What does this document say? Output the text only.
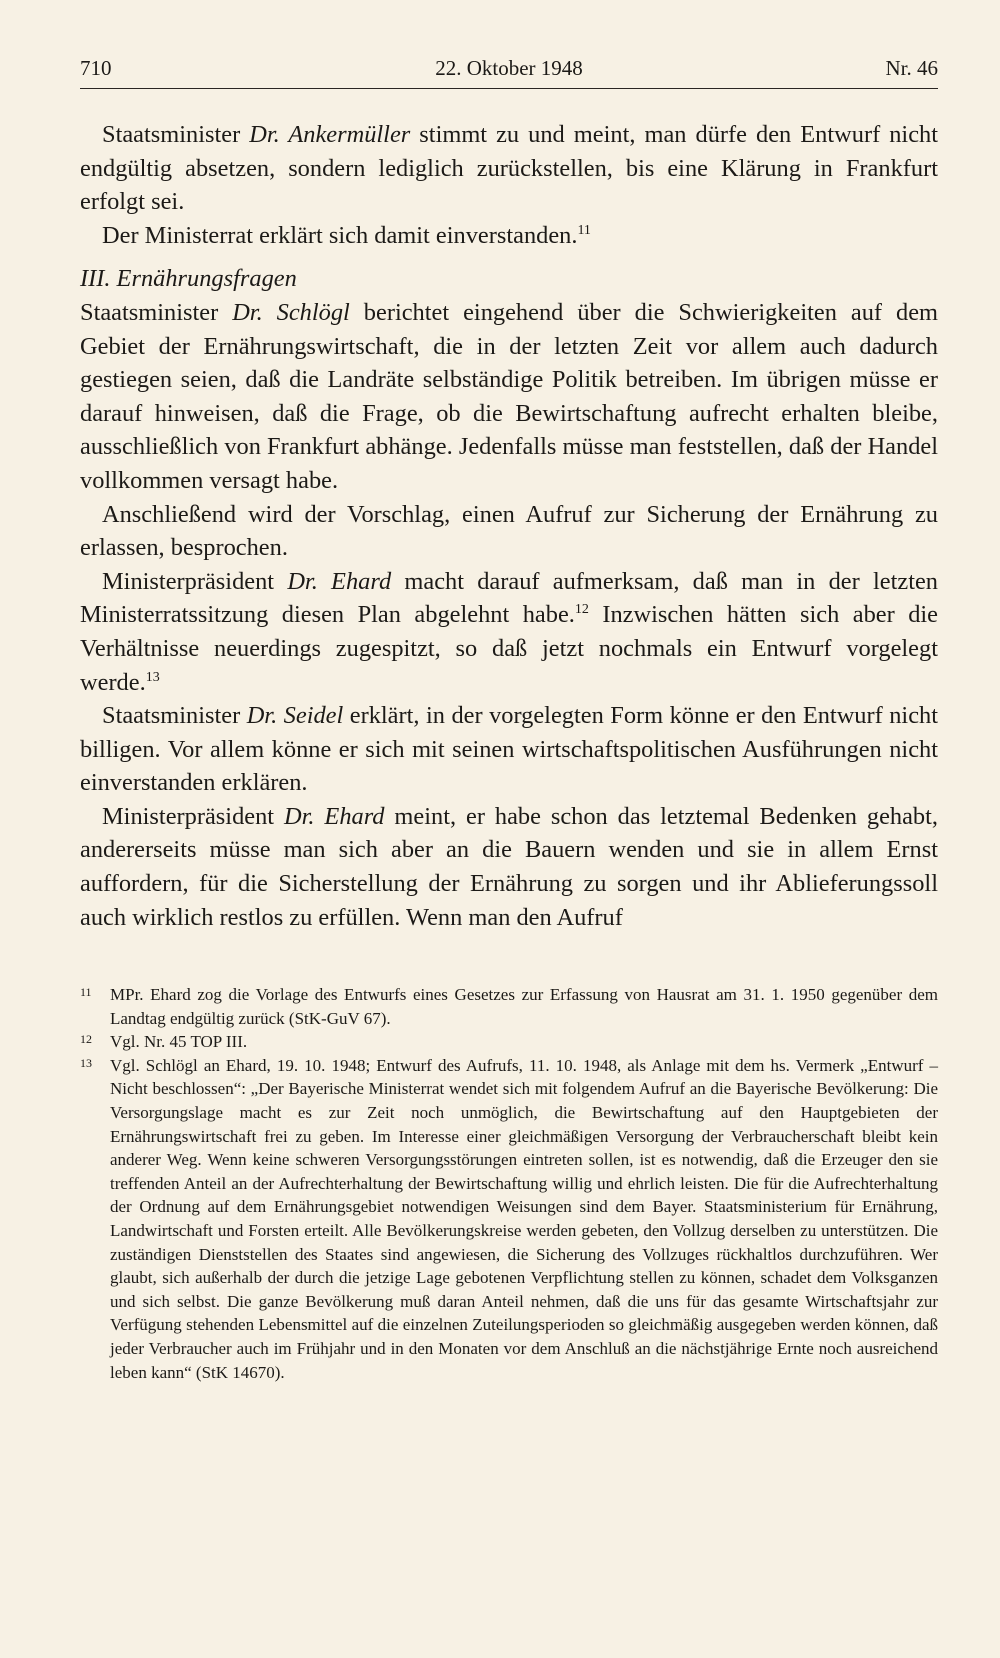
710	22. Oktober 1948	Nr. 46

Staatsminister Dr. Ankermüller stimmt zu und meint, man dürfe den Entwurf nicht endgültig absetzen, sondern lediglich zurückstellen, bis eine Klärung in Frankfurt erfolgt sei.

Der Ministerrat erklärt sich damit einverstanden.$^{11}$

III. Ernährungsfragen

Staatsminister Dr. Schlögl berichtet eingehend über die Schwierigkeiten auf dem Gebiet der Ernährungswirtschaft, die in der letzten Zeit vor allem auch dadurch gestiegen seien, daß die Landräte selbständige Politik betreiben. Im übrigen müsse er darauf hinweisen, daß die Frage, ob die Bewirtschaftung aufrecht erhalten bleibe, ausschließlich von Frankfurt abhänge. Jedenfalls müsse man feststellen, daß der Handel vollkommen versagt habe.

Anschließend wird der Vorschlag, einen Aufruf zur Sicherung der Ernährung zu erlassen, besprochen.

Ministerpräsident Dr. Ehard macht darauf aufmerksam, daß man in der letzten Ministerratssitzung diesen Plan abgelehnt habe.$^{12}$ Inzwischen hätten sich aber die Verhältnisse neuerdings zugespitzt, so daß jetzt nochmals ein Entwurf vorgelegt werde.$^{13}$

Staatsminister Dr. Seidel erklärt, in der vorgelegten Form könne er den Entwurf nicht billigen. Vor allem könne er sich mit seinen wirtschaftspolitischen Ausführungen nicht einverstanden erklären.

Ministerpräsident Dr. Ehard meint, er habe schon das letztemal Bedenken gehabt, andererseits müsse man sich aber an die Bauern wenden und sie in allem Ernst auffordern, für die Sicherstellung der Ernährung zu sorgen und ihr Ablieferungssoll auch wirklich restlos zu erfüllen. Wenn man den Aufruf

11 MPr. Ehard zog die Vorlage des Entwurfs eines Gesetzes zur Erfassung von Hausrat am 31. 1. 1950 gegenüber dem Landtag endgültig zurück (StK-GuV 67).
12 Vgl. Nr. 45 TOP III.
13 Vgl. Schlögl an Ehard, 19. 10. 1948; Entwurf des Aufrufs, 11. 10. 1948, als Anlage mit dem hs. Vermerk „Entwurf – Nicht beschlossen“: „Der Bayerische Ministerrat wendet sich mit folgendem Aufruf an die Bayerische Bevölkerung: Die Versorgungslage macht es zur Zeit noch unmöglich, die Bewirtschaftung auf den Hauptgebieten der Ernährungswirtschaft frei zu geben. Im Interesse einer gleichmäßigen Versorgung der Verbraucherschaft bleibt kein anderer Weg. Wenn keine schweren Versorgungsstörungen eintreten sollen, ist es notwendig, daß die Erzeuger den sie treffenden Anteil an der Aufrechterhaltung der Bewirtschaftung willig und ehrlich leisten. Die für die Aufrechterhaltung der Ordnung auf dem Ernährungsgebiet notwendigen Weisungen sind dem Bayer. Staatsministerium für Ernährung, Landwirtschaft und Forsten erteilt. Alle Bevölkerungskreise werden gebeten, den Vollzug derselben zu unterstützen. Die zuständigen Dienststellen des Staates sind angewiesen, die Sicherung des Vollzuges rückhaltlos durchzuführen. Wer glaubt, sich außerhalb der durch die jetzige Lage gebotenen Verpflichtung stellen zu können, schadet dem Volksganzen und sich selbst. Die ganze Bevölkerung muß daran Anteil nehmen, daß die uns für das gesamte Wirtschaftsjahr zur Verfügung stehenden Lebensmittel auf die einzelnen Zuteilungsperioden so gleichmäßig ausgegeben werden können, daß jeder Verbraucher auch im Frühjahr und in den Monaten vor dem Anschluß an die nächstjährige Ernte noch ausreichend leben kann“ (StK 14670).
